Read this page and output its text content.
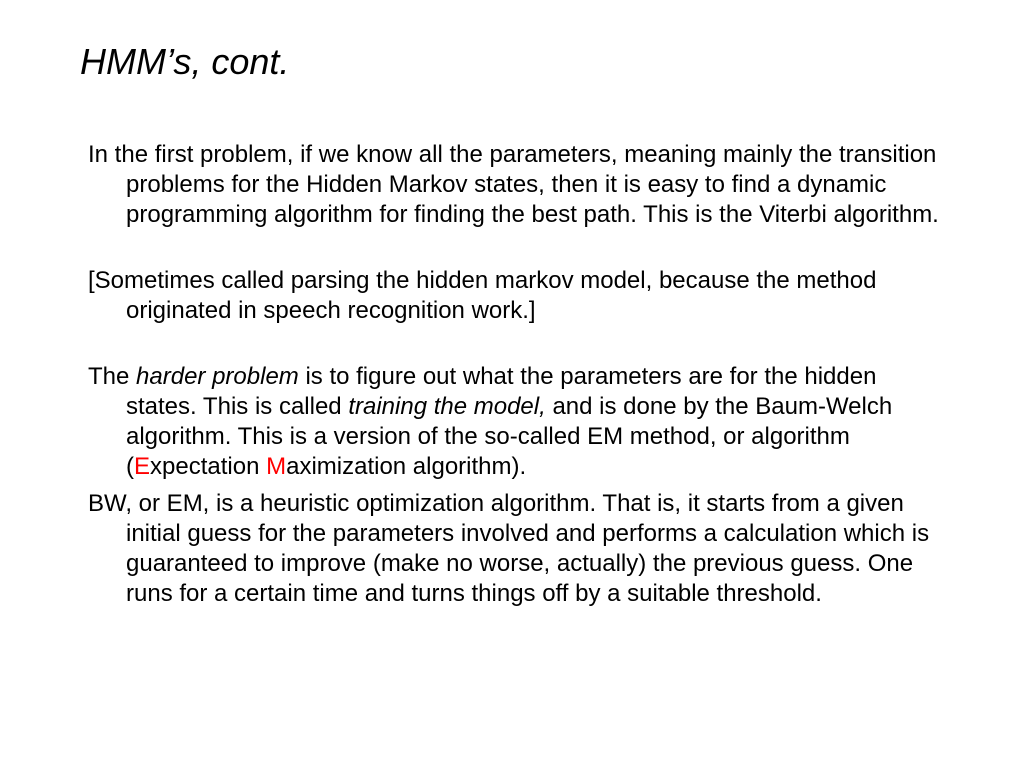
HMM’s, cont.

In the first problem, if we know all the parameters, meaning mainly the transition problems for the Hidden Markov states, then it is easy to find a dynamic programming algorithm for finding the best path. This is the Viterbi algorithm.

[Sometimes called parsing the hidden markov model, because the method originated in speech recognition work.]

The harder problem is to figure out what the parameters are for the hidden states. This is called training the model, and is done by the Baum-Welch algorithm. This is a version of the so-called EM method, or algorithm (Expectation Maximization algorithm).

BW, or EM, is a heuristic optimization algorithm. That is, it starts from a given initial guess for the parameters involved and performs a calculation which is guaranteed to improve (make no worse, actually) the previous guess. One runs for a certain time and turns things off by a suitable threshold.
